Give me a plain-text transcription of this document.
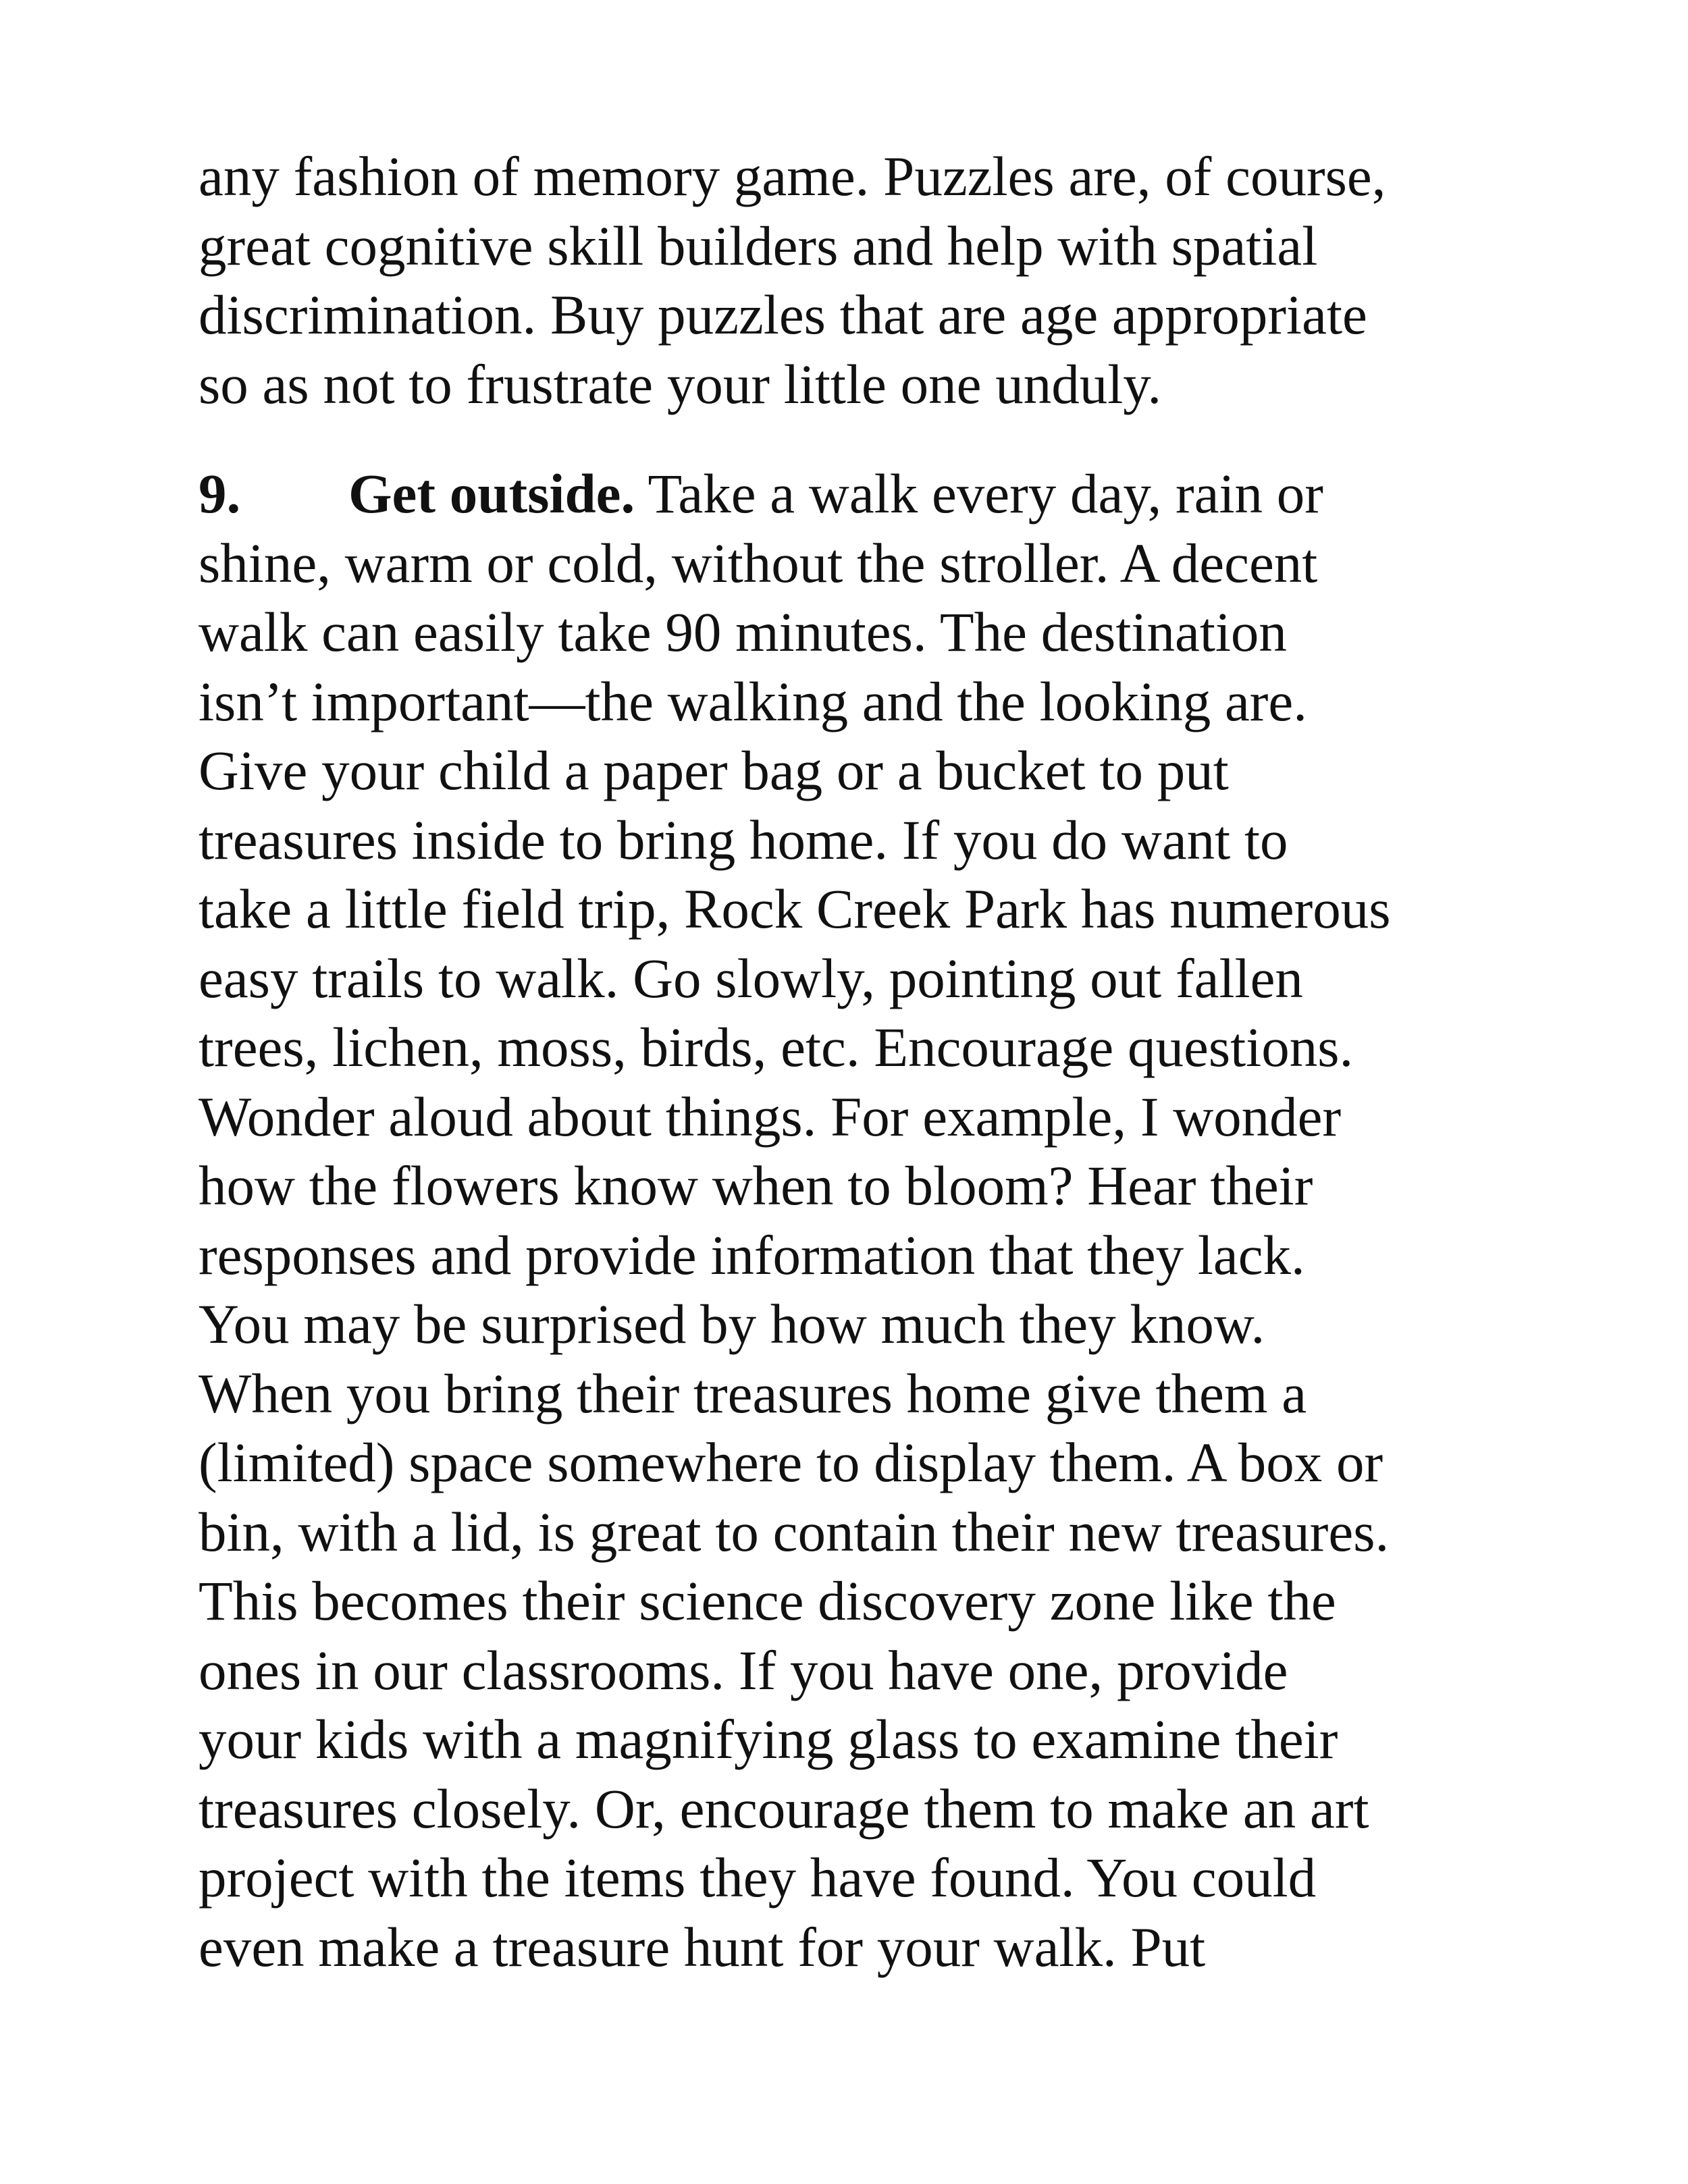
any fashion of memory game. Puzzles are, of course,
great cognitive skill builders and help with spatial
discrimination. Buy puzzles that are age appropriate
so as not to frustrate your little one unduly.
9. Get outside. Take a walk every day, rain or
shine, warm or cold, without the stroller. A decent
walk can easily take 90 minutes. The destination
isn’t important—the walking and the looking are.
Give your child a paper bag or a bucket to put
treasures inside to bring home. If you do want to
take a little field trip, Rock Creek Park has numerous
easy trails to walk. Go slowly, pointing out fallen
trees, lichen, moss, birds, etc. Encourage questions.
Wonder aloud about things. For example, I wonder
how the flowers know when to bloom? Hear their
responses and provide information that they lack.
You may be surprised by how much they know.
When you bring their treasures home give them a
(limited) space somewhere to display them. A box or
bin, with a lid, is great to contain their new treasures.
This becomes their science discovery zone like the
ones in our classrooms. If you have one, provide
your kids with a magnifying glass to examine their
treasures closely. Or, encourage them to make an art
project with the items they have found. You could
even make a treasure hunt for your walk. Put
